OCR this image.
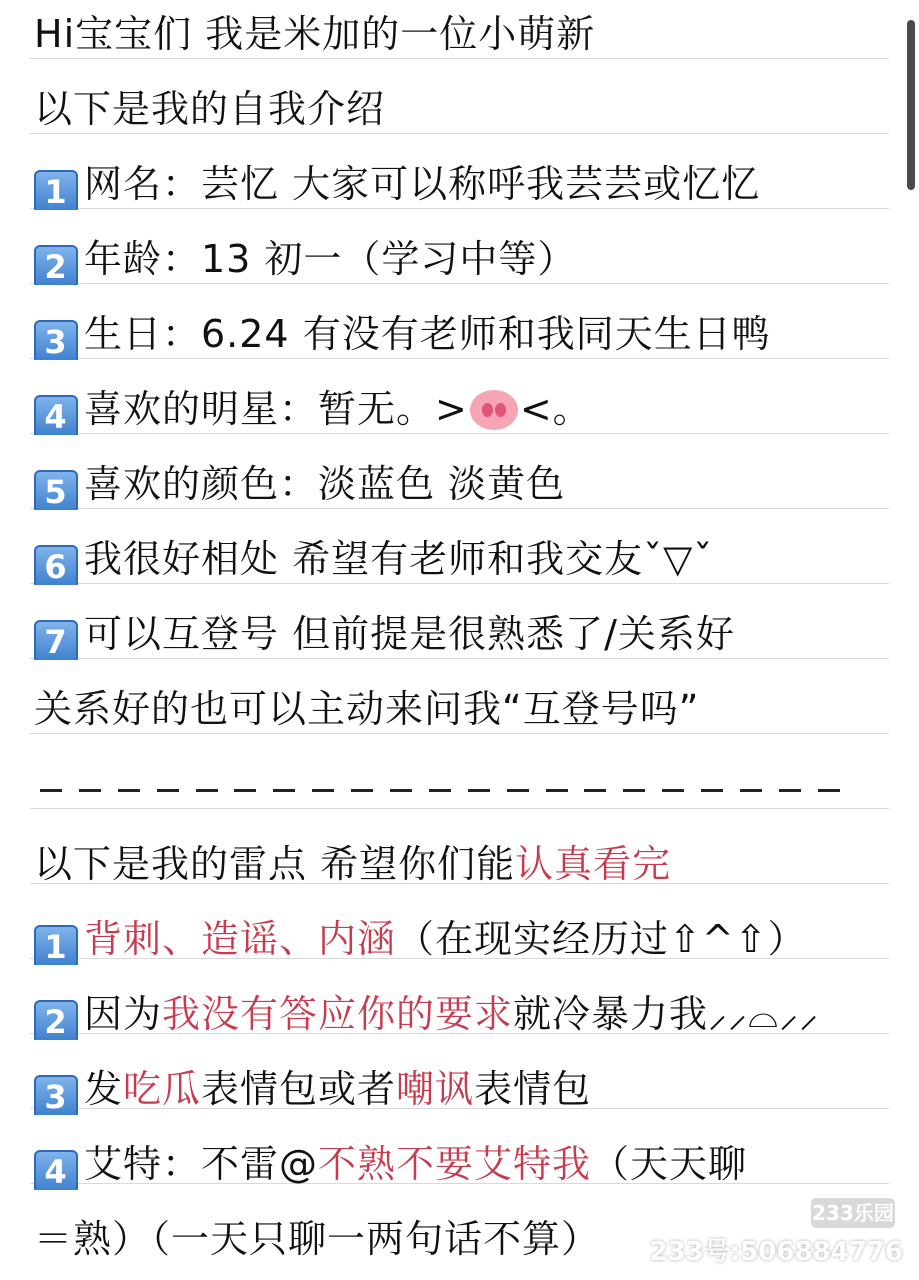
Hi宝宝们 我是米加的一位小萌新
以下是我的自我介绍
1 网名：芸忆 大家可以称呼我芸芸或忆忆
2 年龄：13 初一（学习中等）
3 生日：6.24 有没有老师和我同天生日鸭
4 喜欢的明星：暂无。> <。
5 喜欢的颜色：淡蓝色 淡黄色
6 我很好相处 希望有老师和我交友ˇ▽ˇ
7 可以互登号 但前提是很熟悉了/关系好
关系好的也可以主动来问我“互登号吗”
以下是我的雷点 希望你们能认真看完
1 背刺、造谣、内涵（在现实经历过⇧^⇧）
2 因为我没有答应你的要求就冷暴力我⸝⸝⌓⸝⸝
3 发吃瓜表情包或者嘲讽表情包
4 艾特：不雷@不熟不要艾特我（天天聊
＝熟）（一天只聊一两句话不算）
233乐园
233号:506884776
